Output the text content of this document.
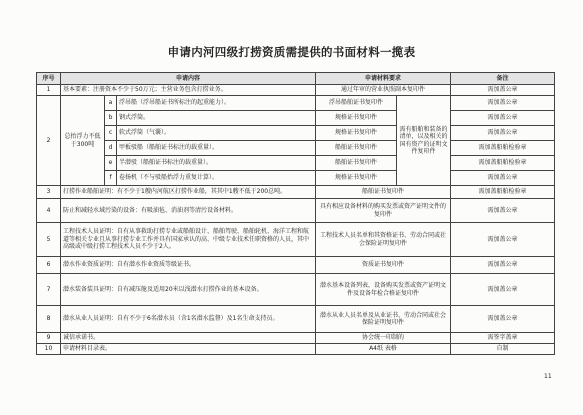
申请内河四级打捞资质需提供的书面材料一揽表
序号	申请内容			申请材料要求		备注
1	基本要素：注册资本不少于50万元；主营业务包含打捞业务。			通过年审的营业执照副本复印件		需加盖公章
2	总抬浮力不低于300吨	a	浮吊船（浮吊船证书所标注的起重能力）。	浮吊船舶证书复印件	需有船舶和装备的清单，以及相关的国有资产的证明文件复印件	需加盖公章
		b	钢式浮筒。	规格证书复印件		需加盖公章
		c	软式浮筒（气囊）。	规格证书复印件		需加盖公章
		d	甲板驳船（船舶证书标注的载重量）。	船舶证书复印件		需加盖船舶检验章
		e	半潜驳（船舶证书标注的载重量）。	船舶证书复印件		需加盖船舶检验章
		f	卷扬机（不与驳船抬浮力重复计算）。	规格证书复印件		需加盖公章
3	打捞作业船舶证明：有不少于1艘内河航区打捞作业船，其其中1艘不低于200总吨。			船舶证书复印件		需加盖船舶检验章
4	防止和减轻水域污染的设备：有吸油毡、消油剂等清污设备材料。			具有相应设备材料的购买发票或资产证明文件的复印件		需加盖公章
5	工程技术人员证明：自有从事救助打捞专业或船舶设计、船舶驾驶、船舶轮机、海洋工程和航道等相关专业且从事打捞专业工作并具有国家承认的高、中级专业技术任职资格的人员，其中高级或中级打捞工程技术人员不少于2人。			工程技术人员名单和其资格证书、劳动合同或社会保险证明复印件		需加盖公章
6	潜水作业资质证明：自有潜水作业资质等级证书。			资质证书复印件		需加盖公章
7	潜水装备装具证明：自有减压舱及适用20米以浅潜水打捞作业的基本设备。			潜水基本设备列表，设备购买发票或资产证明文件及设备年检合格证复印件		需加盖公章
8	潜水从业人员证明：自有不少于6名潜水员（含1名潜水监督）及1名生命支持员。			潜水从业人员名单及从业证书、劳动合同或社会保险证明复印件		需加盖公章
9	诚信承诺书。			协会统一印制的		需签字盖章
10	申请材料目录表。			A4纸 表格		自制
11
